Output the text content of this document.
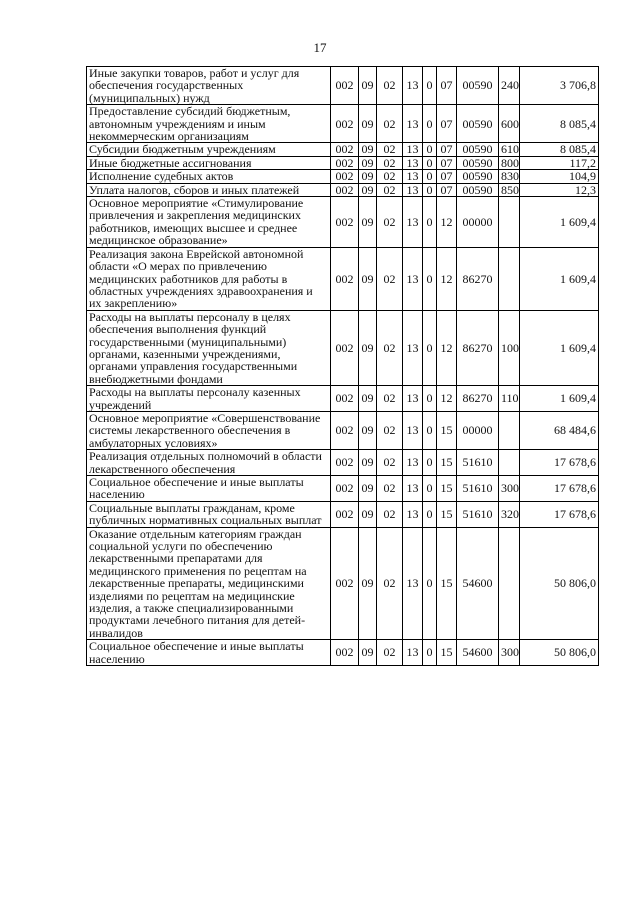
17
Иные закупки товаров, работ и услуг для обеспечения государственных (муниципальных) нужд	002	09	02	13	0	07	00590	240	3 706,8
Предоставление субсидий бюджетным, автономным учреждениям и иным некоммерческим организациям	002	09	02	13	0	07	00590	600	8 085,4
Субсидии бюджетным учреждениям	002	09	02	13	0	07	00590	610	8 085,4
Иные бюджетные ассигнования	002	09	02	13	0	07	00590	800	117,2
Исполнение судебных актов	002	09	02	13	0	07	00590	830	104,9
Уплата налогов, сборов и иных платежей	002	09	02	13	0	07	00590	850	12,3
Основное мероприятие «Стимулирование привлечения и закрепления медицинских работников, имеющих высшее и среднее медицинское образование»	002	09	02	13	0	12	00000		1 609,4
Реализация закона Еврейской автономной области «О мерах по привлечению медицинских работников для работы в областных учреждениях здравоохранения и их закреплению»	002	09	02	13	0	12	86270		1 609,4
Расходы на выплаты персоналу в целях обеспечения выполнения функций государственными (муниципальными) органами, казенными учреждениями, органами управления государственными внебюджетными фондами	002	09	02	13	0	12	86270	100	1 609,4
Расходы на выплаты персоналу казенных учреждений	002	09	02	13	0	12	86270	110	1 609,4
Основное мероприятие «Совершенствование системы лекарственного обеспечения в амбулаторных условиях»	002	09	02	13	0	15	00000		68 484,6
Реализация отдельных полномочий в области лекарственного обеспечения	002	09	02	13	0	15	51610		17 678,6
Социальное обеспечение и иные выплаты населению	002	09	02	13	0	15	51610	300	17 678,6
Социальные выплаты гражданам, кроме публичных нормативных социальных выплат	002	09	02	13	0	15	51610	320	17 678,6
Оказание отдельным категориям граждан социальной услуги по обеспечению лекарственными препаратами для медицинского применения по рецептам на лекарственные препараты, медицинскими изделиями по рецептам на медицинские изделия, а также специализированными продуктами лечебного питания для детей-инвалидов	002	09	02	13	0	15	54600		50 806,0
Социальное обеспечение и иные выплаты населению	002	09	02	13	0	15	54600	300	50 806,0
